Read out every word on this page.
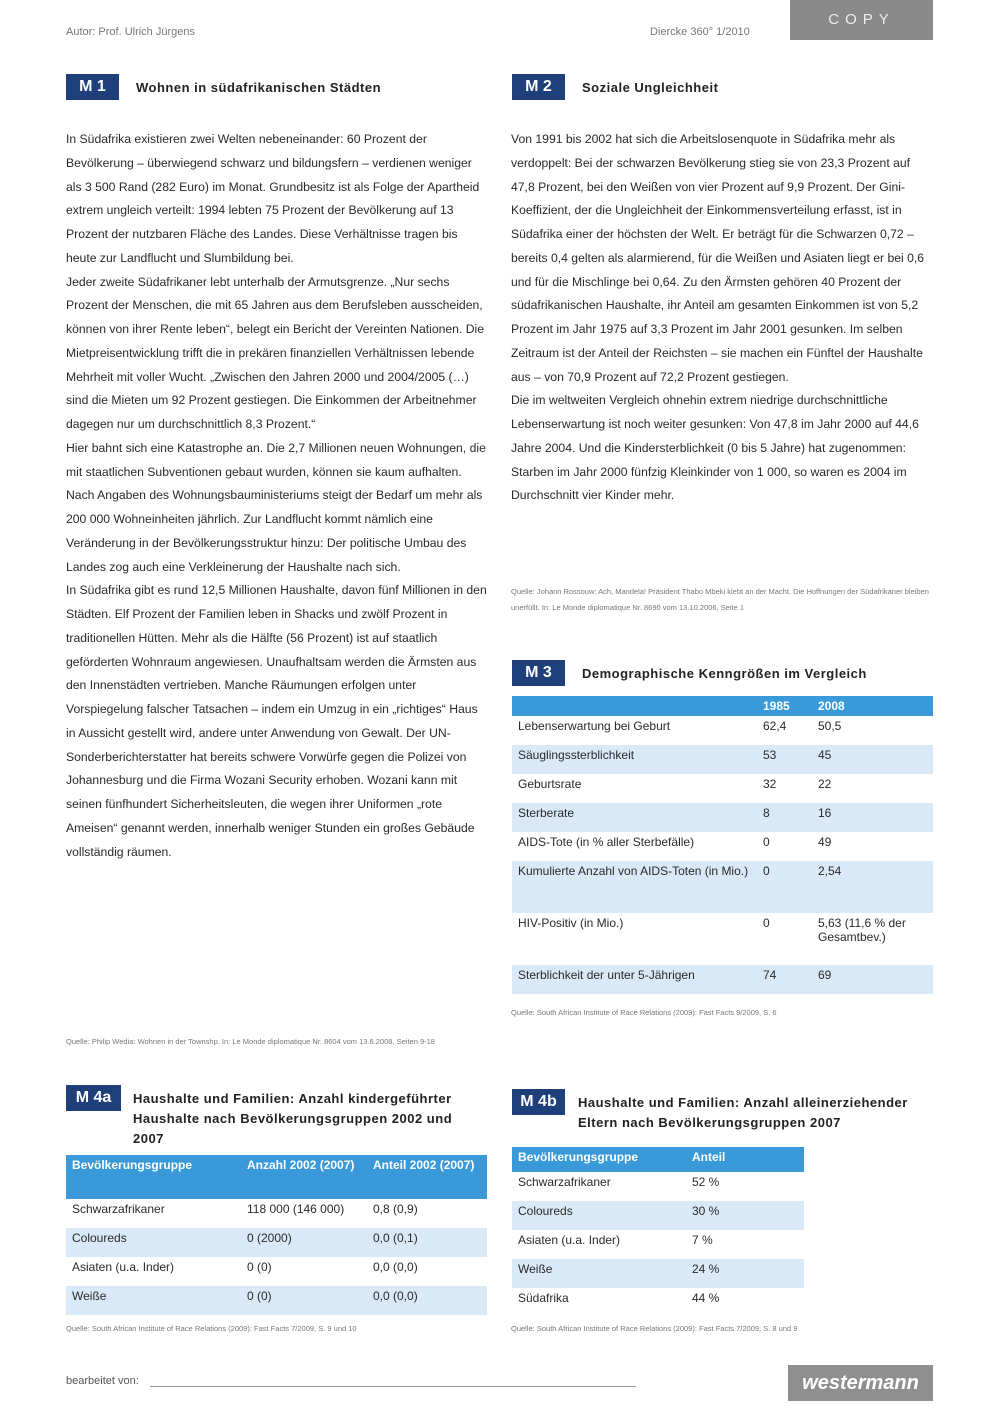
Autor: Prof. Ulrich Jürgens	Diercke 360° 1/2010
COPY
M 1	Wohnen in südafrikanischen Städten

In Südafrika existieren zwei Welten nebeneinander: 60 Prozent der Bevölkerung – überwiegend schwarz und bildungsfern – verdienen weniger als 3 500 Rand (282 Euro) im Monat. Grundbesitz ist als Folge der Apartheid extrem ungleich verteilt: 1994 lebten 75 Prozent der Bevölkerung auf 13 Prozent der nutzbaren Fläche des Landes. Diese Verhältnisse tragen bis heute zur Landflucht und Slumbildung bei.

Jeder zweite Südafrikaner lebt unterhalb der Armutsgrenze. „Nur sechs Prozent der Menschen, die mit 65 Jahren aus dem Berufsleben ausscheiden, können von ihrer Rente leben“, belegt ein Bericht der Vereinten Nationen. Die Mietpreisentwicklung trifft die in prekären finanziellen Verhältnissen lebende Mehrheit mit voller Wucht. „Zwischen den Jahren 2000 und 2004/2005 (…) sind die Mieten um 92 Prozent gestiegen. Die Einkommen der Arbeitnehmer dagegen nur um durchschnittlich 8,3 Prozent.“

Hier bahnt sich eine Katastrophe an. Die 2,7 Millionen neuen Wohnungen, die mit staatlichen Subventionen gebaut wurden, können sie kaum aufhalten. Nach Angaben des Wohnungsbauministeriums steigt der Bedarf um mehr als 200 000 Wohneinheiten jährlich. Zur Landflucht kommt nämlich eine Veränderung in der Bevölkerungsstruktur hinzu: Der politische Umbau des Landes zog auch eine Verkleinerung der Haushalte nach sich.

In Südafrika gibt es rund 12,5 Millionen Haushalte, davon fünf Millionen in den Städten. Elf Prozent der Familien leben in Shacks und zwölf Prozent in traditionellen Hütten. Mehr als die Hälfte (56 Prozent) ist auf staatlich geförderten Wohnraum angewiesen. Unaufhaltsam werden die Ärmsten aus den Innenstädten vertrieben. Manche Räumungen erfolgen unter Vorspiegelung falscher Tatsachen – indem ein Umzug in ein „richtiges“ Haus in Aussicht gestellt wird, andere unter Anwendung von Gewalt. Der UN-Sonderberichterstatter hat bereits schwere Vorwürfe gegen die Polizei von Johannesburg und die Firma Wozani Security erhoben. Wozani kann mit seinen fünfhundert Sicherheitsleuten, die wegen ihrer Uniformen „rote Ameisen“ genannt werden, innerhalb weniger Stunden ein großes Gebäude vollständig räumen.

Quelle: Philip Wedia: Wohnen in der Townshp. In: Le Monde diplomatique Nr. 8604 vom 13.6.2008, Seiten 9-18
M 2	Soziale Ungleichheit

Von 1991 bis 2002 hat sich die Arbeitslosenquote in Südafrika mehr als verdoppelt: Bei der schwarzen Bevölkerung stieg sie von 23,3 Prozent auf 47,8 Prozent, bei den Weißen von vier Prozent auf 9,9 Prozent. Der Gini-Koeffizient, der die Ungleichheit der Einkommensverteilung erfasst, ist in Südafrika einer der höchsten der Welt. Er beträgt für die Schwarzen 0,72 – bereits 0,4 gelten als alarmierend, für die Weißen und Asiaten liegt er bei 0,6 und für die Mischlinge bei 0,64. Zu den Ärmsten gehören 40 Prozent der südafrikanischen Haushalte, ihr Anteil am gesamten Einkommen ist von 5,2 Prozent im Jahr 1975 auf 3,3 Prozent im Jahr 2001 gesunken. Im selben Zeitraum ist der Anteil der Reichsten – sie machen ein Fünftel der Haushalte aus – von 70,9 Prozent auf 72,2 Prozent gestiegen.

Die im weltweiten Vergleich ohnehin extrem niedrige durchschnittliche Lebenserwartung ist noch weiter gesunken: Von 47,8 im Jahr 2000 auf 44,6 Jahre 2004. Und die Kindersterblichkeit (0 bis 5 Jahre) hat zugenommen: Starben im Jahr 2000 fünfzig Kleinkinder von 1 000, so waren es 2004 im Durchschnitt vier Kinder mehr.

Quelle: Johann Rossouw: Ach, Mandela! Präsident Thabo Mbeki klebt an der Macht. Die Hoffnungen der Südafrikaner bleiben unerfüllt. In: Le Monde diplomatique Nr. 8690 vom 13.10.2006, Seite 1
M 3	Demographische Kenngrößen im Vergleich
	1985	2008
Lebenserwartung bei Geburt	62,4	50,5
Säuglingssterblichkeit	53	45
Geburtsrate	32	22
Sterberate	8	16
AIDS-Tote (in % aller Sterbefälle)	0	49
Kumulierte Anzahl von AIDS-Toten (in Mio.)	0	2,54
HIV-Positiv (in Mio.)	0	5,63 (11,6 % der Gesamtbev.)
Sterblichkeit der unter 5-Jährigen	74	69
Quelle: South African Institute of Race Relations (2009): Fast Facts 9/2009, S. 6
M 4a	Haushalte und Familien: Anzahl kindergeführter Haushalte nach Bevölkerungsgruppen 2002 und 2007
Bevölkerungsgruppe	Anzahl 2002 (2007)	Anteil 2002 (2007)
Schwarzafrikaner	118 000 (146 000)	0,8 (0,9)
Coloureds	0 (2000)	0,0 (0,1)
Asiaten (u.a. Inder)	0 (0)	0,0 (0,0)
Weiße	0 (0)	0,0 (0,0)
Quelle: South African Institute of Race Relations (2009): Fast Facts 7/2009, S. 9 und 10
M 4b	Haushalte und Familien: Anzahl alleinerziehender Eltern nach Bevölkerungsgruppen 2007
Bevölkerungsgruppe	Anteil
Schwarzafrikaner	52 %
Coloureds	30 %
Asiaten (u.a. Inder)	7 %
Weiße	24 %
Südafrika	44 %
Quelle: South African Institute of Race Relations (2009): Fast Facts 7/2009, S. 8 und 9
bearbeitet von:	westermann
